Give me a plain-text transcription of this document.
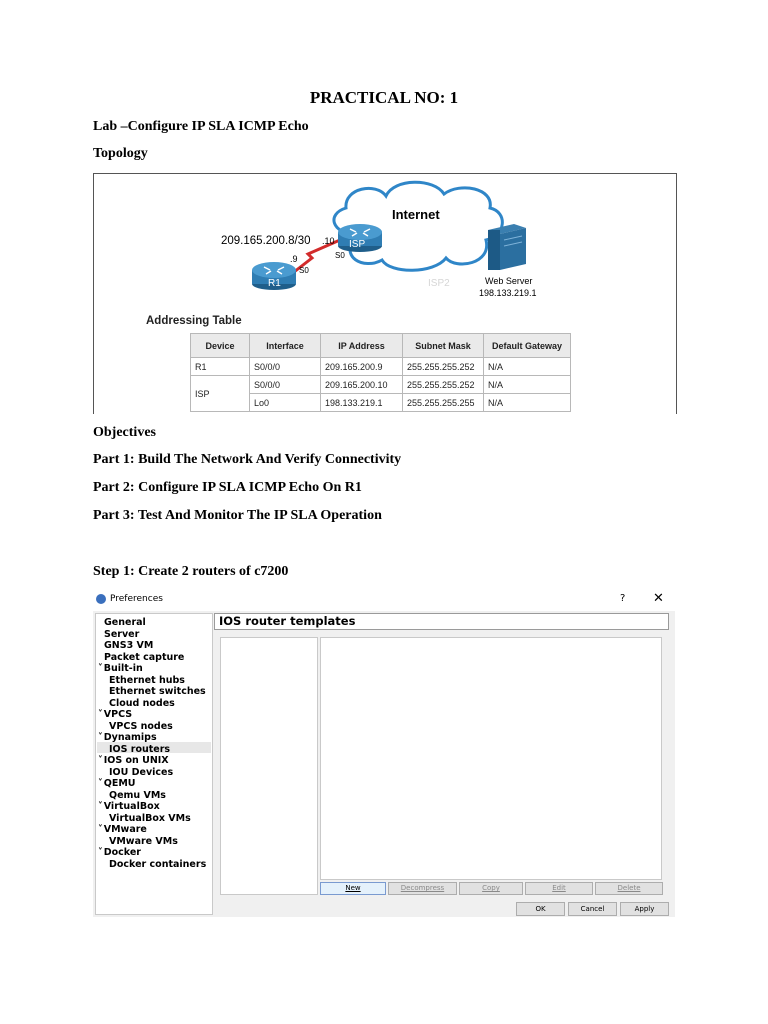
PRACTICAL NO: 1
Lab –Configure IP SLA ICMP Echo
Topology
Internet
ISP2
R1
ISP
209.165.200.8/30 .10
.9
S0
S0
Web Server
198.133.219.1
Addressing Table
Device	Interface	IP Address	Subnet Mask	Default Gateway
R1	S0/0/0	209.165.200.9	255.255.255.252	N/A
ISP	S0/0/0	209.165.200.10	255.255.255.252	N/A
	Lo0	198.133.219.1	255.255.255.255	N/A
Objectives
Part 1: Build The Network And Verify Connectivity
Part 2: Configure IP SLA ICMP Echo On R1
Part 3: Test And Monitor The IP SLA Operation
Step 1: Create 2 routers of c7200
Preferences	? ✕
General
Server
GNS3 VM
Packet capture
˅Built-in
Ethernet hubs
Ethernet switches
Cloud nodes
˅VPCS
VPCS nodes
˅Dynamips
IOS routers
˅IOS on UNIX
IOU Devices
˅QEMU
Qemu VMs
˅VirtualBox
VirtualBox VMs
˅VMware
VMware VMs
˅Docker
Docker containers
IOS router templates
New	Decompress	Copy	Edit	Delete
OK	Cancel	Apply
